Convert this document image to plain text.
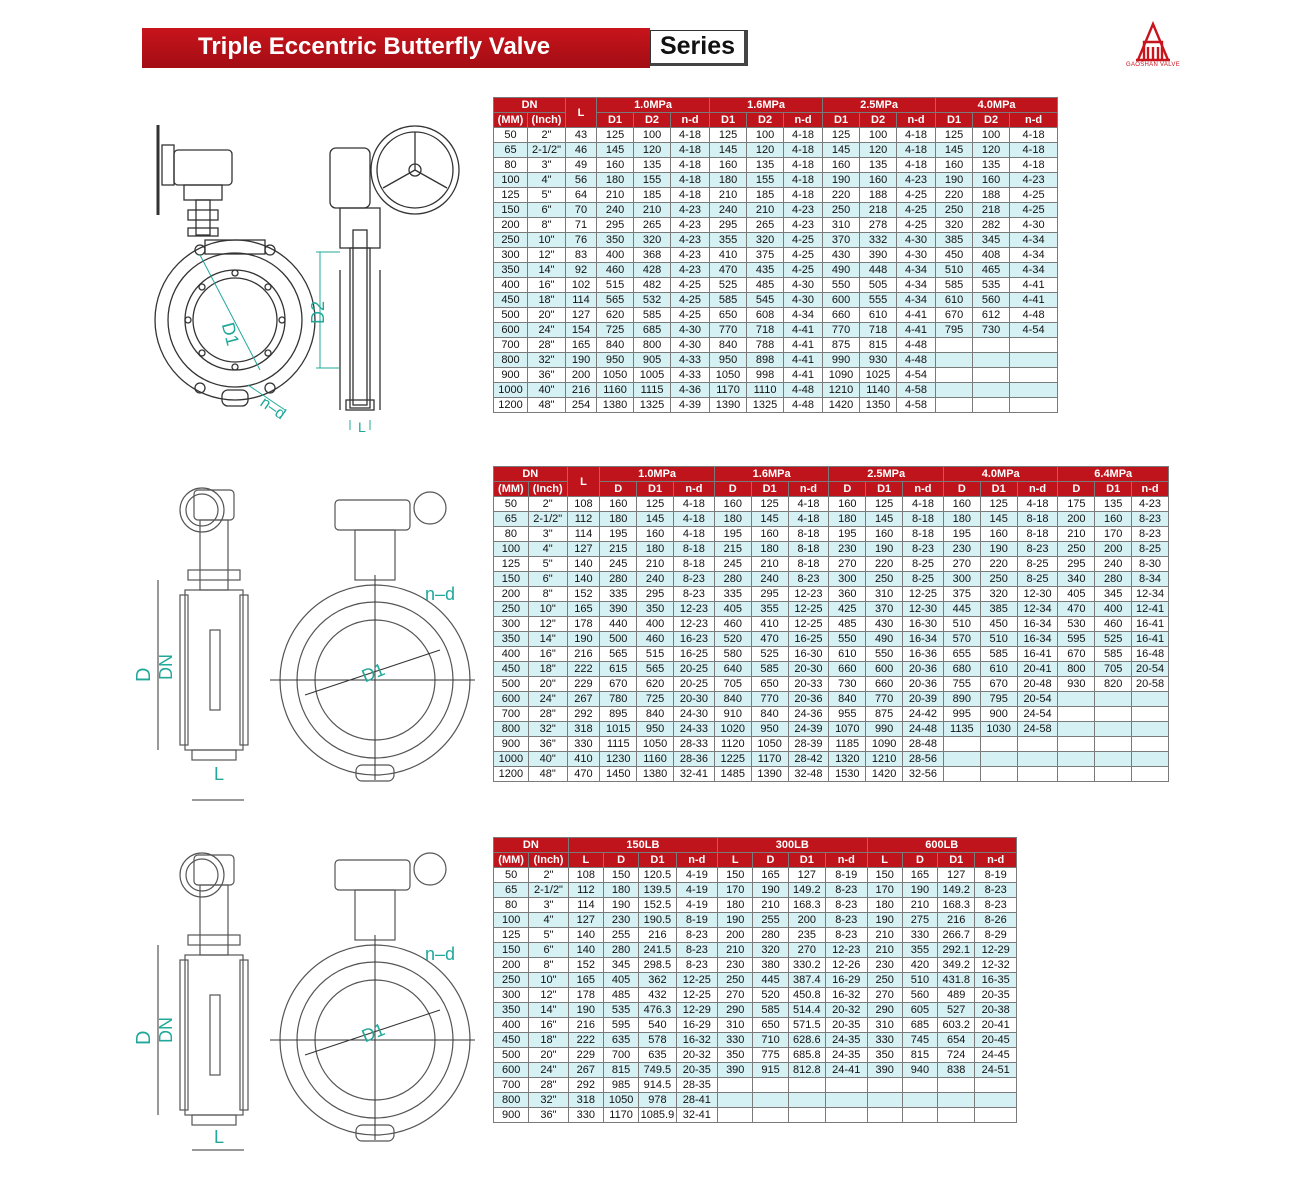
Triple Eccentric Butterfly Valve	Series
GAOSHAN VALVE
D1
D2
n–d
L
D DN
L
D1
n–d
D DN
L
D1
n–d
DN		L	1.0MPa			1.6MPa			2.5MPa			4.0MPa		
(MM)	(Inch)		D1	D2	n-d	D1	D2	n-d	D1	D2	n-d	D1	D2	n-d
50	2"	43	125	100	4-18	125	100	4-18	125	100	4-18	125	100	4-18
65	2-1/2"	46	145	120	4-18	145	120	4-18	145	120	4-18	145	120	4-18
80	3"	49	160	135	4-18	160	135	4-18	160	135	4-18	160	135	4-18
100	4"	56	180	155	4-18	180	155	4-18	190	160	4-23	190	160	4-23
125	5"	64	210	185	4-18	210	185	4-18	220	188	4-25	220	188	4-25
150	6"	70	240	210	4-23	240	210	4-23	250	218	4-25	250	218	4-25
200	8"	71	295	265	4-23	295	265	4-23	310	278	4-25	320	282	4-30
250	10"	76	350	320	4-23	355	320	4-25	370	332	4-30	385	345	4-34
300	12"	83	400	368	4-23	410	375	4-25	430	390	4-30	450	408	4-34
350	14"	92	460	428	4-23	470	435	4-25	490	448	4-34	510	465	4-34
400	16"	102	515	482	4-25	525	485	4-30	550	505	4-34	585	535	4-41
450	18"	114	565	532	4-25	585	545	4-30	600	555	4-34	610	560	4-41
500	20"	127	620	585	4-25	650	608	4-34	660	610	4-41	670	612	4-48
600	24"	154	725	685	4-30	770	718	4-41	770	718	4-41	795	730	4-54
700	28"	165	840	800	4-30	840	788	4-41	875	815	4-48			
800	32"	190	950	905	4-33	950	898	4-41	990	930	4-48			
900	36"	200	1050	1005	4-33	1050	998	4-41	1090	1025	4-54			
1000	40"	216	1160	1115	4-36	1170	1110	4-48	1210	1140	4-58			
1200	48"	254	1380	1325	4-39	1390	1325	4-48	1420	1350	4-58			
DN		L	1.0MPa			1.6MPa			2.5MPa			4.0MPa			6.4MPa		
(MM)	(Inch)		D	D1	n-d	D	D1	n-d	D	D1	n-d	D	D1	n-d	D	D1	n-d
50	2"	108	160	125	4-18	160	125	4-18	160	125	4-18	160	125	4-18	175	135	4-23
65	2-1/2"	112	180	145	4-18	180	145	4-18	180	145	8-18	180	145	8-18	200	160	8-23
80	3"	114	195	160	4-18	195	160	8-18	195	160	8-18	195	160	8-18	210	170	8-23
100	4"	127	215	180	8-18	215	180	8-18	230	190	8-23	230	190	8-23	250	200	8-25
125	5"	140	245	210	8-18	245	210	8-18	270	220	8-25	270	220	8-25	295	240	8-30
150	6"	140	280	240	8-23	280	240	8-23	300	250	8-25	300	250	8-25	340	280	8-34
200	8"	152	335	295	8-23	335	295	12-23	360	310	12-25	375	320	12-30	405	345	12-34
250	10"	165	390	350	12-23	405	355	12-25	425	370	12-30	445	385	12-34	470	400	12-41
300	12"	178	440	400	12-23	460	410	12-25	485	430	16-30	510	450	16-34	530	460	16-41
350	14"	190	500	460	16-23	520	470	16-25	550	490	16-34	570	510	16-34	595	525	16-41
400	16"	216	565	515	16-25	580	525	16-30	610	550	16-36	655	585	16-41	670	585	16-48
450	18"	222	615	565	20-25	640	585	20-30	660	600	20-36	680	610	20-41	800	705	20-54
500	20"	229	670	620	20-25	705	650	20-33	730	660	20-36	755	670	20-48	930	820	20-58
600	24"	267	780	725	20-30	840	770	20-36	840	770	20-39	890	795	20-54			
700	28"	292	895	840	24-30	910	840	24-36	955	875	24-42	995	900	24-54			
800	32"	318	1015	950	24-33	1020	950	24-39	1070	990	24-48	1135	1030	24-58			
900	36"	330	1115	1050	28-33	1120	1050	28-39	1185	1090	28-48						
1000	40"	410	1230	1160	28-36	1225	1170	28-42	1320	1210	28-56						
1200	48"	470	1450	1380	32-41	1485	1390	32-48	1530	1420	32-56						
DN		150LB				300LB				600LB			
(MM)	(Inch)	L	D	D1	n-d	L	D	D1	n-d	L	D	D1	n-d
50	2"	108	150	120.5	4-19	150	165	127	8-19	150	165	127	8-19
65	2-1/2"	112	180	139.5	4-19	170	190	149.2	8-23	170	190	149.2	8-23
80	3"	114	190	152.5	4-19	180	210	168.3	8-23	180	210	168.3	8-23
100	4"	127	230	190.5	8-19	190	255	200	8-23	190	275	216	8-26
125	5"	140	255	216	8-23	200	280	235	8-23	210	330	266.7	8-29
150	6"	140	280	241.5	8-23	210	320	270	12-23	210	355	292.1	12-29
200	8"	152	345	298.5	8-23	230	380	330.2	12-26	230	420	349.2	12-32
250	10"	165	405	362	12-25	250	445	387.4	16-29	250	510	431.8	16-35
300	12"	178	485	432	12-25	270	520	450.8	16-32	270	560	489	20-35
350	14"	190	535	476.3	12-29	290	585	514.4	20-32	290	605	527	20-38
400	16"	216	595	540	16-29	310	650	571.5	20-35	310	685	603.2	20-41
450	18"	222	635	578	16-32	330	710	628.6	24-35	330	745	654	20-45
500	20"	229	700	635	20-32	350	775	685.8	24-35	350	815	724	24-45
600	24"	267	815	749.5	20-35	390	915	812.8	24-41	390	940	838	24-51
700	28"	292	985	914.5	28-35								
800	32"	318	1050	978	28-41								
900	36"	330	1170	1085.9	32-41								
